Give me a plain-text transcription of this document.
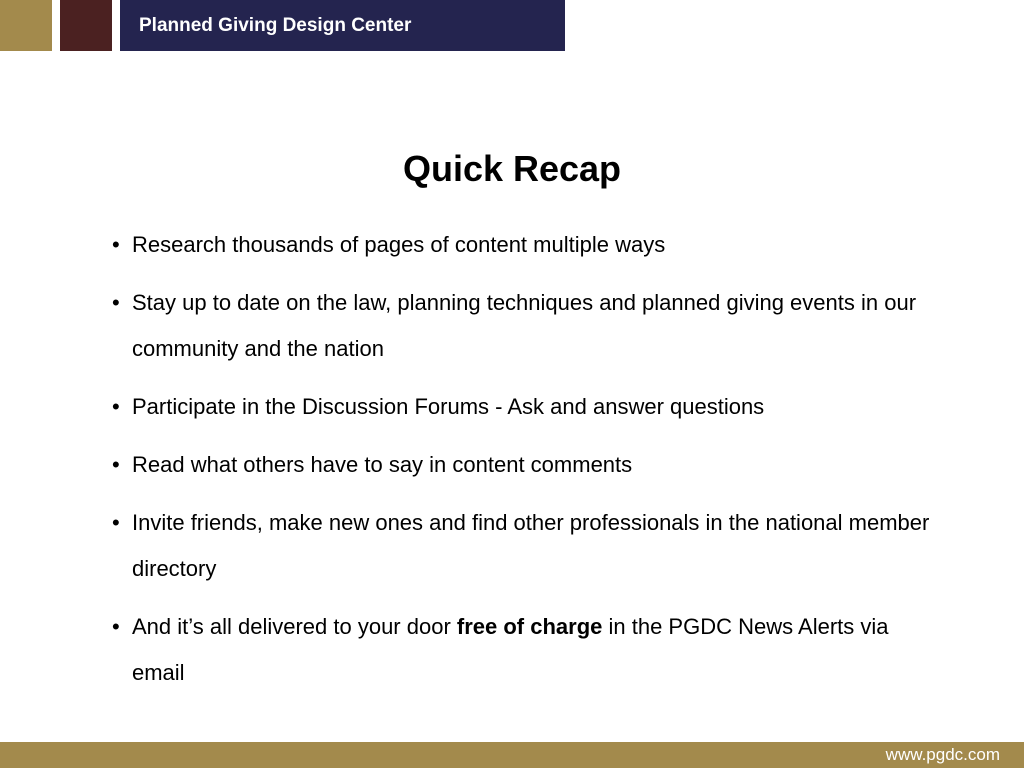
Planned Giving Design Center
Quick Recap
• Research thousands of pages of content multiple ways
• Stay up to date on the law, planning techniques and planned giving events in our community and the nation
• Participate in the Discussion Forums - Ask and answer questions
• Read what others have to say in content comments
• Invite friends, make new ones and find other professionals in the national member directory
• And it’s all delivered to your door free of charge in the PGDC News Alerts via email
www.pgdc.com
